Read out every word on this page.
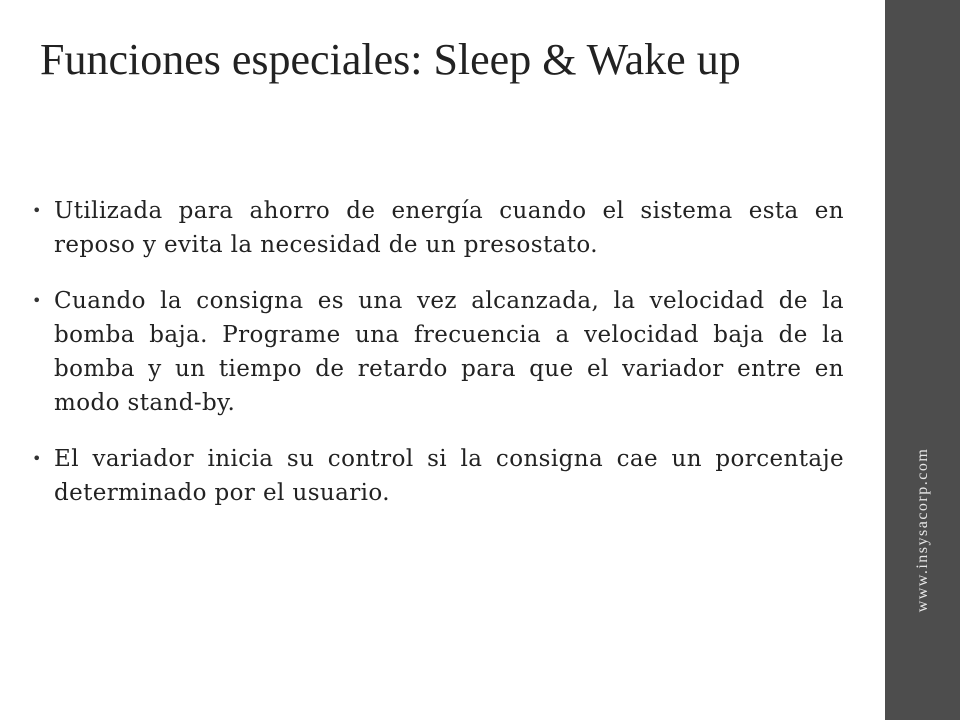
Funciones especiales: Sleep & Wake up
• Utilizada para ahorro de energía cuando el sistema esta en reposo y evita la necesidad de un presostato.
• Cuando la consigna es una vez alcanzada, la velocidad de la bomba baja. Programe una frecuencia a velocidad baja de la bomba y un tiempo de retardo para que el variador entre en modo stand-by.
• El variador inicia su control si la consigna cae un porcentaje determinado por el usuario.	www.insysacorp.com
